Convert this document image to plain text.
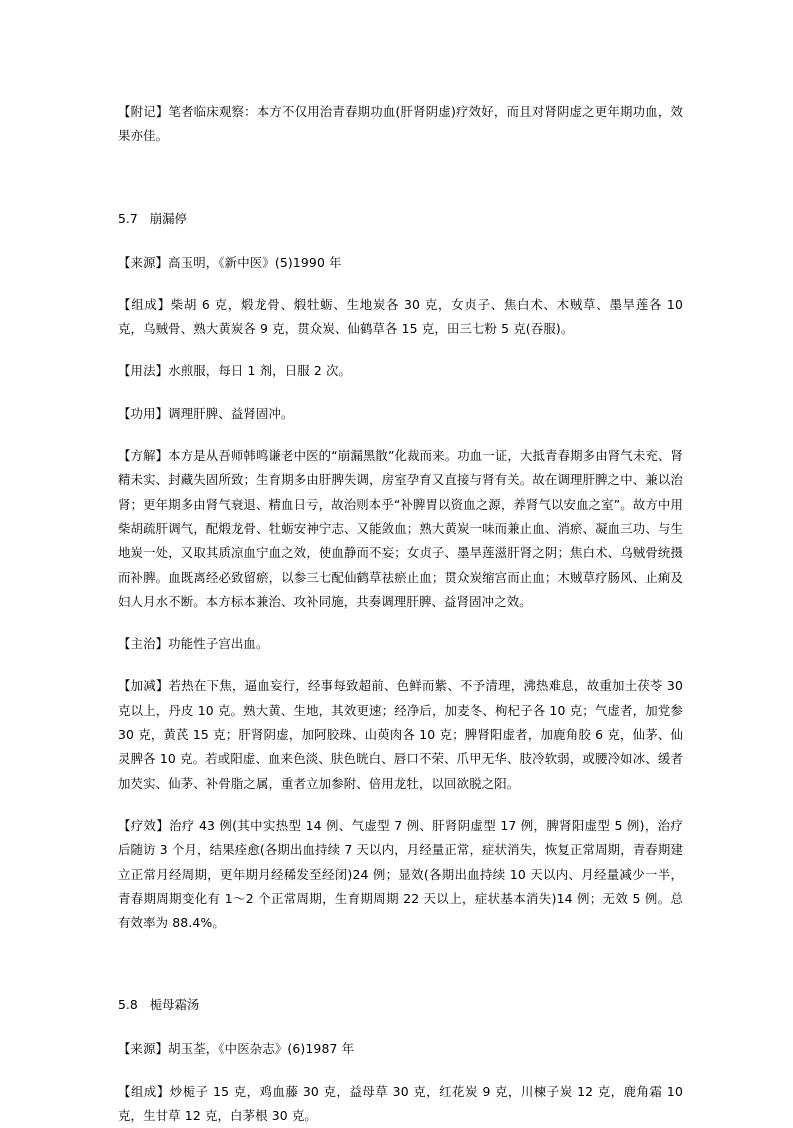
【附记】笔者临床观察：本方不仅用治青春期功血(肝肾阴虚)疗效好，而且对肾阴虚之更年期功血，效果亦佳。

5.7 崩漏停

【来源】高玉明，《新中医》(5)1990 年

【组成】柴胡 6 克，煅龙骨、煅牡蛎、生地炭各 30 克，女贞子、焦白术、木贼草、墨旱莲各 10 克，乌贼骨、熟大黄炭各 9 克，贯众炭、仙鹤草各 15 克，田三七粉 5 克(吞服)。

【用法】水煎服，每日 1 剂，日服 2 次。

【功用】调理肝脾、益肾固冲。

【方解】本方是从吾师韩鸣谦老中医的“崩漏黑散”化裁而来。功血一证，大抵青春期多由肾气未充、肾精未实、封藏失固所致；生育期多由肝脾失调，房室孕育又直接与肾有关。故在调理肝脾之中、兼以治肾；更年期多由肾气衰退、精血日亏，故治则本乎“补脾胃以资血之源，养肾气以安血之室”。故方中用柴胡疏肝调气，配煅龙骨、牡蛎安神宁志、又能敛血；熟大黄炭一味而兼止血、消瘀、凝血三功、与生地炭一处，又取其质凉血宁血之效，使血静而不妄；女贞子、墨旱莲滋肝肾之阴；焦白术、乌贼骨统摄而补脾。血既离经必致留瘀，以参三七配仙鹤草祛瘀止血；贯众炭缩宫而止血；木贼草疗肠风、止痢及妇人月水不断。本方标本兼治、攻补同施，共奏调理肝脾、益肾固冲之效。

【主治】功能性子宫出血。

【加减】若热在下焦，逼血妄行，经事每致超前、色鲜而紫、不予清理，沸热难息，故重加土茯苓 30 克以上，丹皮 10 克。熟大黄、生地，其效更速；经净后，加麦冬、枸杞子各 10 克；气虚者，加党参 30 克，黄芪 15 克；肝肾阴虚，加阿胶珠、山萸肉各 10 克；脾肾阳虚者，加鹿角胶 6 克，仙茅、仙灵脾各 10 克。若或阳虚、血来色淡、肤色晄白、唇口不荣、爪甲无华、肢冷软弱，或腰冷如冰、缓者加芡实、仙茅、补骨脂之属，重者立加参附、倍用龙牡，以回欲脱之阳。

【疗效】治疗 43 例(其中实热型 14 例、气虚型 7 例、肝肾阴虚型 17 例，脾肾阳虚型 5 例)，治疗后随访 3 个月，结果痊愈(各期出血持续 7 天以内，月经量正常，症状消失，恢复正常周期，青春期建立正常月经周期，更年期月经稀发至经闭)24 例；显效(各期出血持续 10 天以内、月经量减少一半，青春期周期变化有 1～2 个正常周期，生育期周期 22 天以上，症状基本消失)14 例；无效 5 例。总有效率为 88.4%。

5.8 栀母霜汤

【来源】胡玉荃，《中医杂志》(6)1987 年

【组成】炒栀子 15 克，鸡血藤 30 克，益母草 30 克，红花炭 9 克，川楝子炭 12 克，鹿角霜 10 克，生甘草 12 克，白茅根 30 克。
